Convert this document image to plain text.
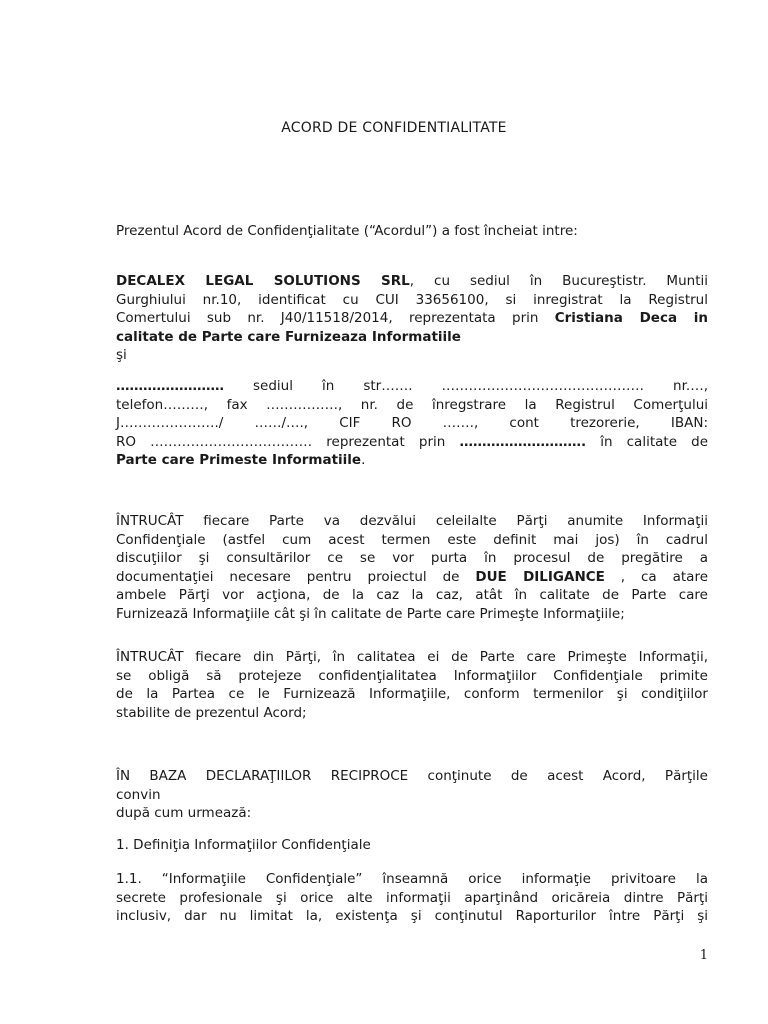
ACORD DE CONFIDENTIALITATE
Prezentul Acord de Confidenţialitate (“Acordul”) a fost încheiat intre:
DECALEX LEGAL SOLUTIONS SRL, cu sediul în Bucureştistr. Muntii
Gurghiului nr.10, identificat cu CUI 33656100, si inregistrat la Registrul
Comertului sub nr. J40/11518/2014, reprezentata prin Cristiana Deca in
calitate de Parte care Furnizeaza Informatiile
şi
…………………… sediul în str……. ……………………………………… nr.…,
telefon………, fax ……………., nr. de înregstrare la Registrul Comerţului
J…………………./ ……/…., CIF RO ……., cont trezorerie, IBAN:
RO ……………………………… reprezentat prin ………………………. în calitate de
Parte care Primeste Informatiile.
ÎNTRUCÂT fiecare Parte va dezvălui celeilalte Părţi anumite Informaţii
Confidenţiale (astfel cum acest termen este definit mai jos) în cadrul
discuţiilor şi consultărilor ce se vor purta în procesul de pregătire a
documentaţiei necesare pentru proiectul de DUE DILIGANCE , ca atare
ambele Părţi vor acţiona, de la caz la caz, atât în calitate de Parte care
Furnizează Informaţiile cât şi în calitate de Parte care Primeşte Informaţiile;
ÎNTRUCÂT fiecare din Părţi, în calitatea ei de Parte care Primeşte Informaţii,
se obligă să protejeze confidenţialitatea Informaţiilor Confidenţiale primite
de la Partea ce le Furnizează Informaţiile, conform termenilor şi condiţiilor
stabilite de prezentul Acord;
ÎN BAZA DECLARAŢIILOR RECIPROCE conţinute de acest Acord, Părţile
convin
după cum urmează:
1. Definiţia Informaţiilor Confidenţiale
1.1. “Informaţiile Confidenţiale” înseamnă orice informaţie privitoare la
secrete profesionale şi orice alte informaţii aparţinând oricăreia dintre Părţi
inclusiv, dar nu limitat la, existenţa şi conţinutul Raporturilor între Părţi şi
1
